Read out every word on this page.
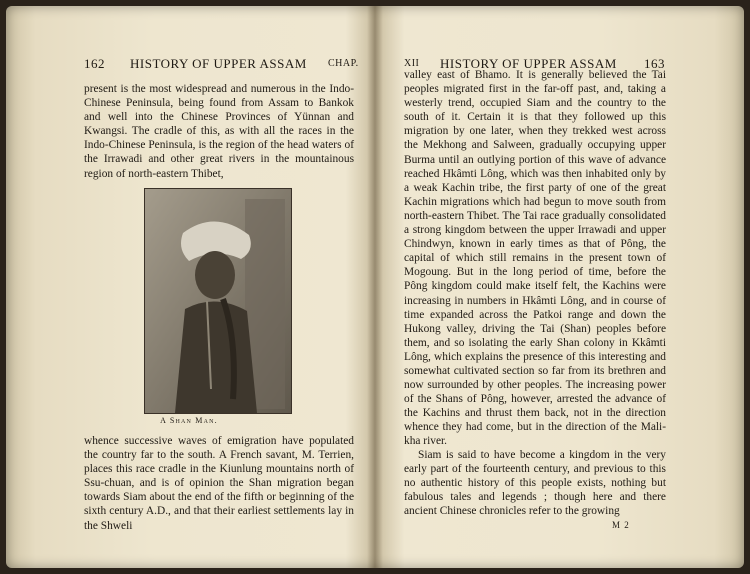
162 HISTORY OF UPPER ASSAM CHAP.

present is the most widespread and numerous in the Indo-Chinese Peninsula, being found from Assam to Bankok and well into the Chinese Provinces of Yünnan and Kwangsi. The cradle of this, as with all the races in the Indo-Chinese Peninsula, is the region of the head waters of the Irrawadi and other great rivers in the mountainous region of north-eastern Thibet,

A Shan Man.

whence successive waves of emigration have populated the country far to the south. A French savant, M. Terrien, places this race cradle in the Kiunlung mountains north of Ssu-chuan, and is of opinion the Shan migration began towards Siam about the end of the fifth or beginning of the sixth century A.D., and that their earliest settlements lay in the Shweli

XII HISTORY OF UPPER ASSAM 163

valley east of Bhamo. It is generally believed the Tai peoples migrated first in the far-off past, and, taking a westerly trend, occupied Siam and the country to the south of it. Certain it is that they followed up this migration by one later, when they trekked west across the Mekhong and Salween, gradually occupying upper Burma until an outlying portion of this wave of advance reached Hkâmti Lông, which was then inhabited only by a weak Kachin tribe, the first party of one of the great Kachin migrations which had begun to move south from north-eastern Thibet. The Tai race gradually consolidated a strong kingdom between the upper Irrawadi and upper Chindwyn, known in early times as that of Pông, the capital of which still remains in the present town of Mogoung. But in the long period of time, before the Pông kingdom could make itself felt, the Kachins were increasing in numbers in Hkâmti Lông, and in course of time expanded across the Patkoi range and down the Hukong valley, driving the Tai (Shan) peoples before them, and so isolating the early Shan colony in Kkâmti Lông, which explains the presence of this interesting and somewhat cultivated section so far from its brethren and now surrounded by other peoples. The increasing power of the Shans of Pông, however, arrested the advance of the Kachins and thrust them back, not in the direction whence they had come, but in the direction of the Mali-kha river.

Siam is said to have become a kingdom in the very early part of the fourteenth century, and previous to this no authentic history of this people exists, nothing but fabulous tales and legends ; though here and there ancient Chinese chronicles refer to the growing

M 2
